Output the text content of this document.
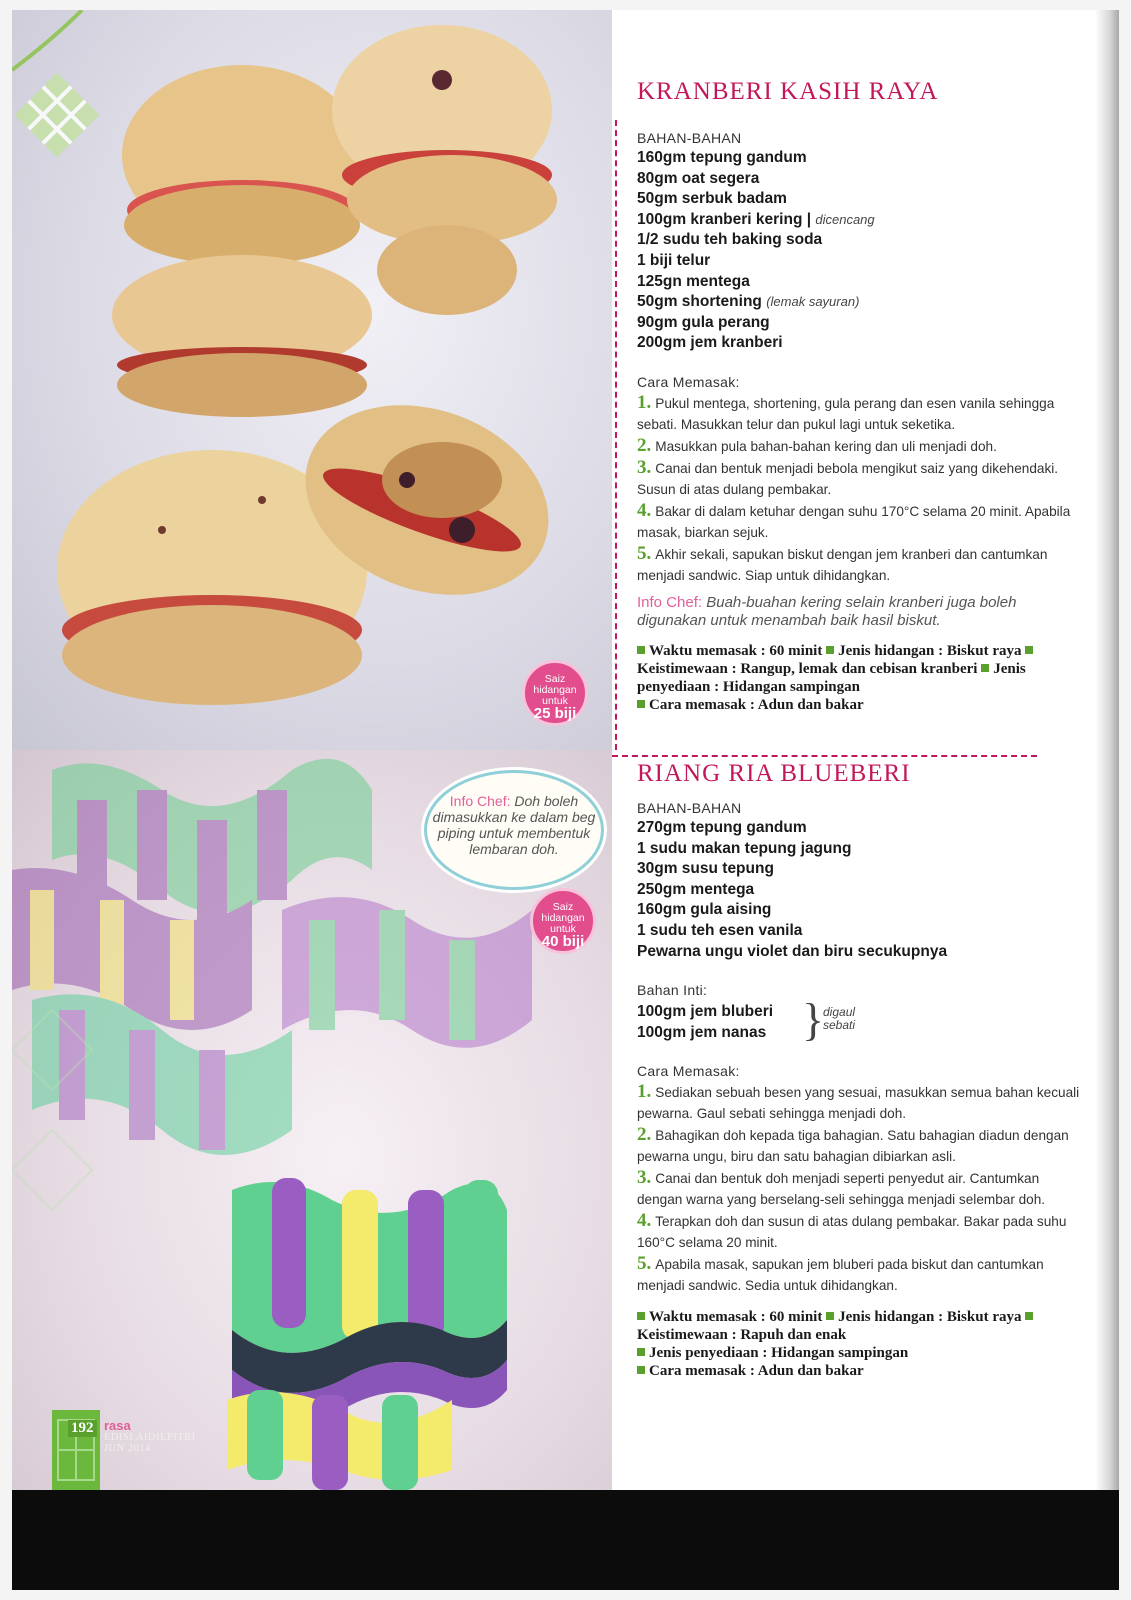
Saiz
hidangan
untuk
25 biji
Saiz
hidangan
untuk
40 biji
Info Chef: Doh boleh dimasukkan ke dalam beg piping untuk membentuk lembaran doh.
KRANBERI KASIH RAYA

BAHAN-BAHAN

160gm tepung gandum
80gm oat segera
50gm serbuk badam
100gm kranberi kering | dicencang
1/2 sudu teh baking soda
1 biji telur
125gn mentega
50gm shortening (lemak sayuran)
90gm gula perang
200gm jem kranberi

Cara Memasak:

1. Pukul mentega, shortening, gula perang dan esen vanila sehingga sebati. Masukkan telur dan pukul lagi untuk seketika.
2. Masukkan pula bahan-bahan kering dan uli menjadi doh.
3. Canai dan bentuk menjadi bebola mengikut saiz yang dikehendaki. Susun di atas dulang pembakar.
4. Bakar di dalam ketuhar dengan suhu 170°C selama 20 minit. Apabila masak, biarkan sejuk.
5. Akhir sekali, sapukan biskut dengan jem kranberi dan cantumkan menjadi sandwic. Siap untuk dihidangkan.
Info Chef: Buah-buahan kering selain kranberi juga boleh digunakan untuk menambah baik hasil biskut.
Waktu memasak : 60 minit Jenis hidangan : Biskut raya Keistimewaan : Rangup, lemak dan cebisan kranberi Jenis penyediaan : Hidangan sampingan
Cara memasak : Adun dan bakar
RIANG RIA BLUEBERI

BAHAN-BAHAN

270gm tepung gandum
1 sudu makan tepung jagung
30gm susu tepung
250gm mentega
160gm gula aising
1 sudu teh esen vanila
Pewarna ungu violet dan biru secukupnya

Bahan Inti:

100gm jem bluberi
100gm jem nanas }
digaul
sebati

Cara Memasak:

1. Sediakan sebuah besen yang sesuai, masukkan semua bahan kecuali pewarna. Gaul sebati sehingga menjadi doh.
2. Bahagikan doh kepada tiga bahagian. Satu bahagian diadun dengan pewarna ungu, biru dan satu bahagian dibiarkan asli.
3. Canai dan bentuk doh menjadi seperti penyedut air. Cantumkan dengan warna yang berselang-seli sehingga menjadi selembar doh.
4. Terapkan doh dan susun di atas dulang pembakar. Bakar pada suhu 160°C selama 20 minit.
5. Apabila masak, sapukan jem bluberi pada biskut dan cantumkan menjadi sandwic. Sedia untuk dihidangkan.
Waktu memasak : 60 minit Jenis hidangan : Biskut raya Keistimewaan : Rapuh dan enak
Jenis penyediaan : Hidangan sampingan
Cara memasak : Adun dan bakar
192 rasa
EDISI AIDILFITRI
JUN 2014
